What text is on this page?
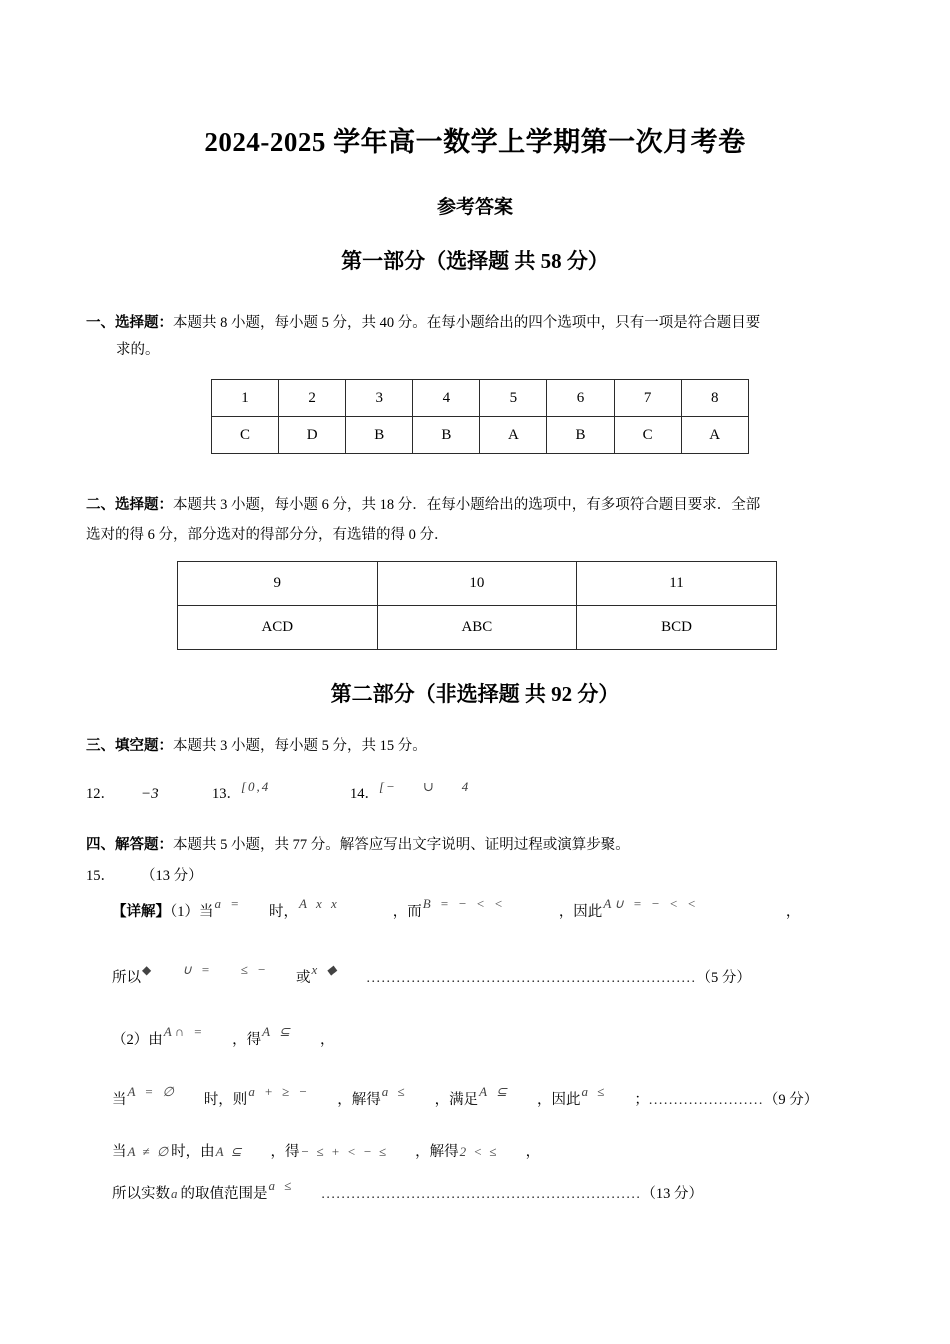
2024-2025 学年高一数学上学期第一次月考卷
参考答案
第一部分（选择题 共 58 分）
一、选择题：本题共 8 小题，每小题 5 分，共 40 分。在每小题给出的四个选项中，只有一项是符合题目要
求的。
1	2	3	4	5	6	7	8
C	D	B	B	A	B	C	A
二、选择题：本题共 3 小题，每小题 6 分，共 18 分．在每小题给出的选项中，有多项符合题目要求．全部
选对的得 6 分，部分选对的得部分分，有选错的得 0 分．
9	10	11
ACD	ABC	BCD
第二部分（非选择题 共 92 分）
三、填空题：本题共 3 小题，每小题 5 分，共 15 分。
12． −3	13．[0,4	14．[− ∪ 4
四、解答题：本题共 5 小题，共 77 分。解答应写出文字说明、证明过程或演算步聚。
15． （13 分）
【详解】（1）当a =时，A x x，而B = − < <，因此A∪ = − < <，
所以◆ ∪ = ≤ −或x ◆..................................................................（5 分）
（2）由A∩ =，得A ⊆，
当A = ∅时，则a + ≥ −，解得a ≤，满足A ⊆，因此a ≤；.......................（9 分）
当A ≠ ∅时，由A ⊆ ，得− ≤ + < − ≤ ，解得2 < ≤ ，
所以实数a的取值范围是a ≤................................................................（13 分）
